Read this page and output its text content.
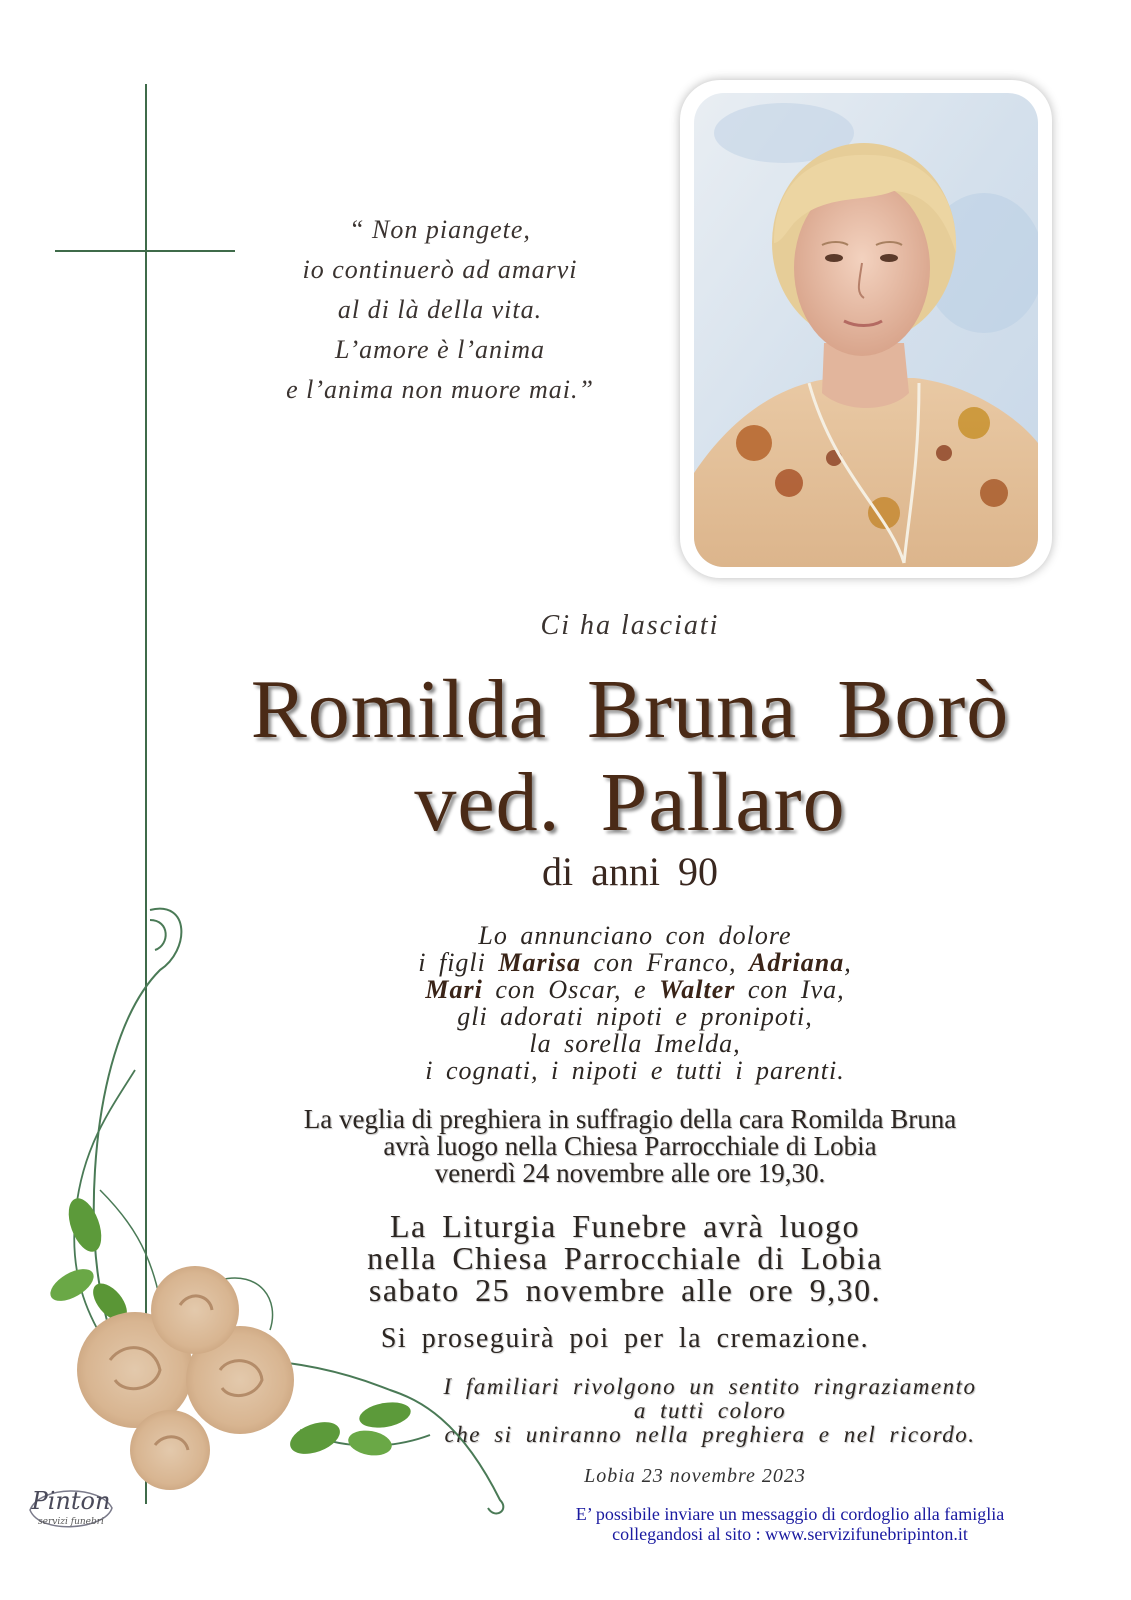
“ Non piangete,
io continuerò ad amarvi
al di là della vita.
L’amore è l’anima
e l’anima non muore mai.”
Ci ha lasciati
Romilda Bruna Borò
ved. Pallaro
di anni 90
Lo annunciano con dolore
i figli Marisa con Franco, Adriana,
Mari con Oscar, e Walter con Iva,
gli adorati nipoti e pronipoti,
la sorella Imelda,
i cognati, i nipoti e tutti i parenti.
La veglia di preghiera in suffragio della cara Romilda Bruna
avrà luogo nella Chiesa Parrocchiale di Lobia
venerdì 24 novembre alle ore 19,30.
La Liturgia Funebre avrà luogo
nella Chiesa Parrocchiale di Lobia
sabato 25 novembre alle ore 9,30.
Si proseguirà poi per la cremazione.
I familiari rivolgono un sentito ringraziamento
a tutti coloro
che si uniranno nella preghiera e nel ricordo.
Lobia 23 novembre 2023
E’ possibile inviare un messaggio di cordoglio alla famiglia
collegandosi al sito : www.servizifunebripinton.it
Pinton
servizi funebri
